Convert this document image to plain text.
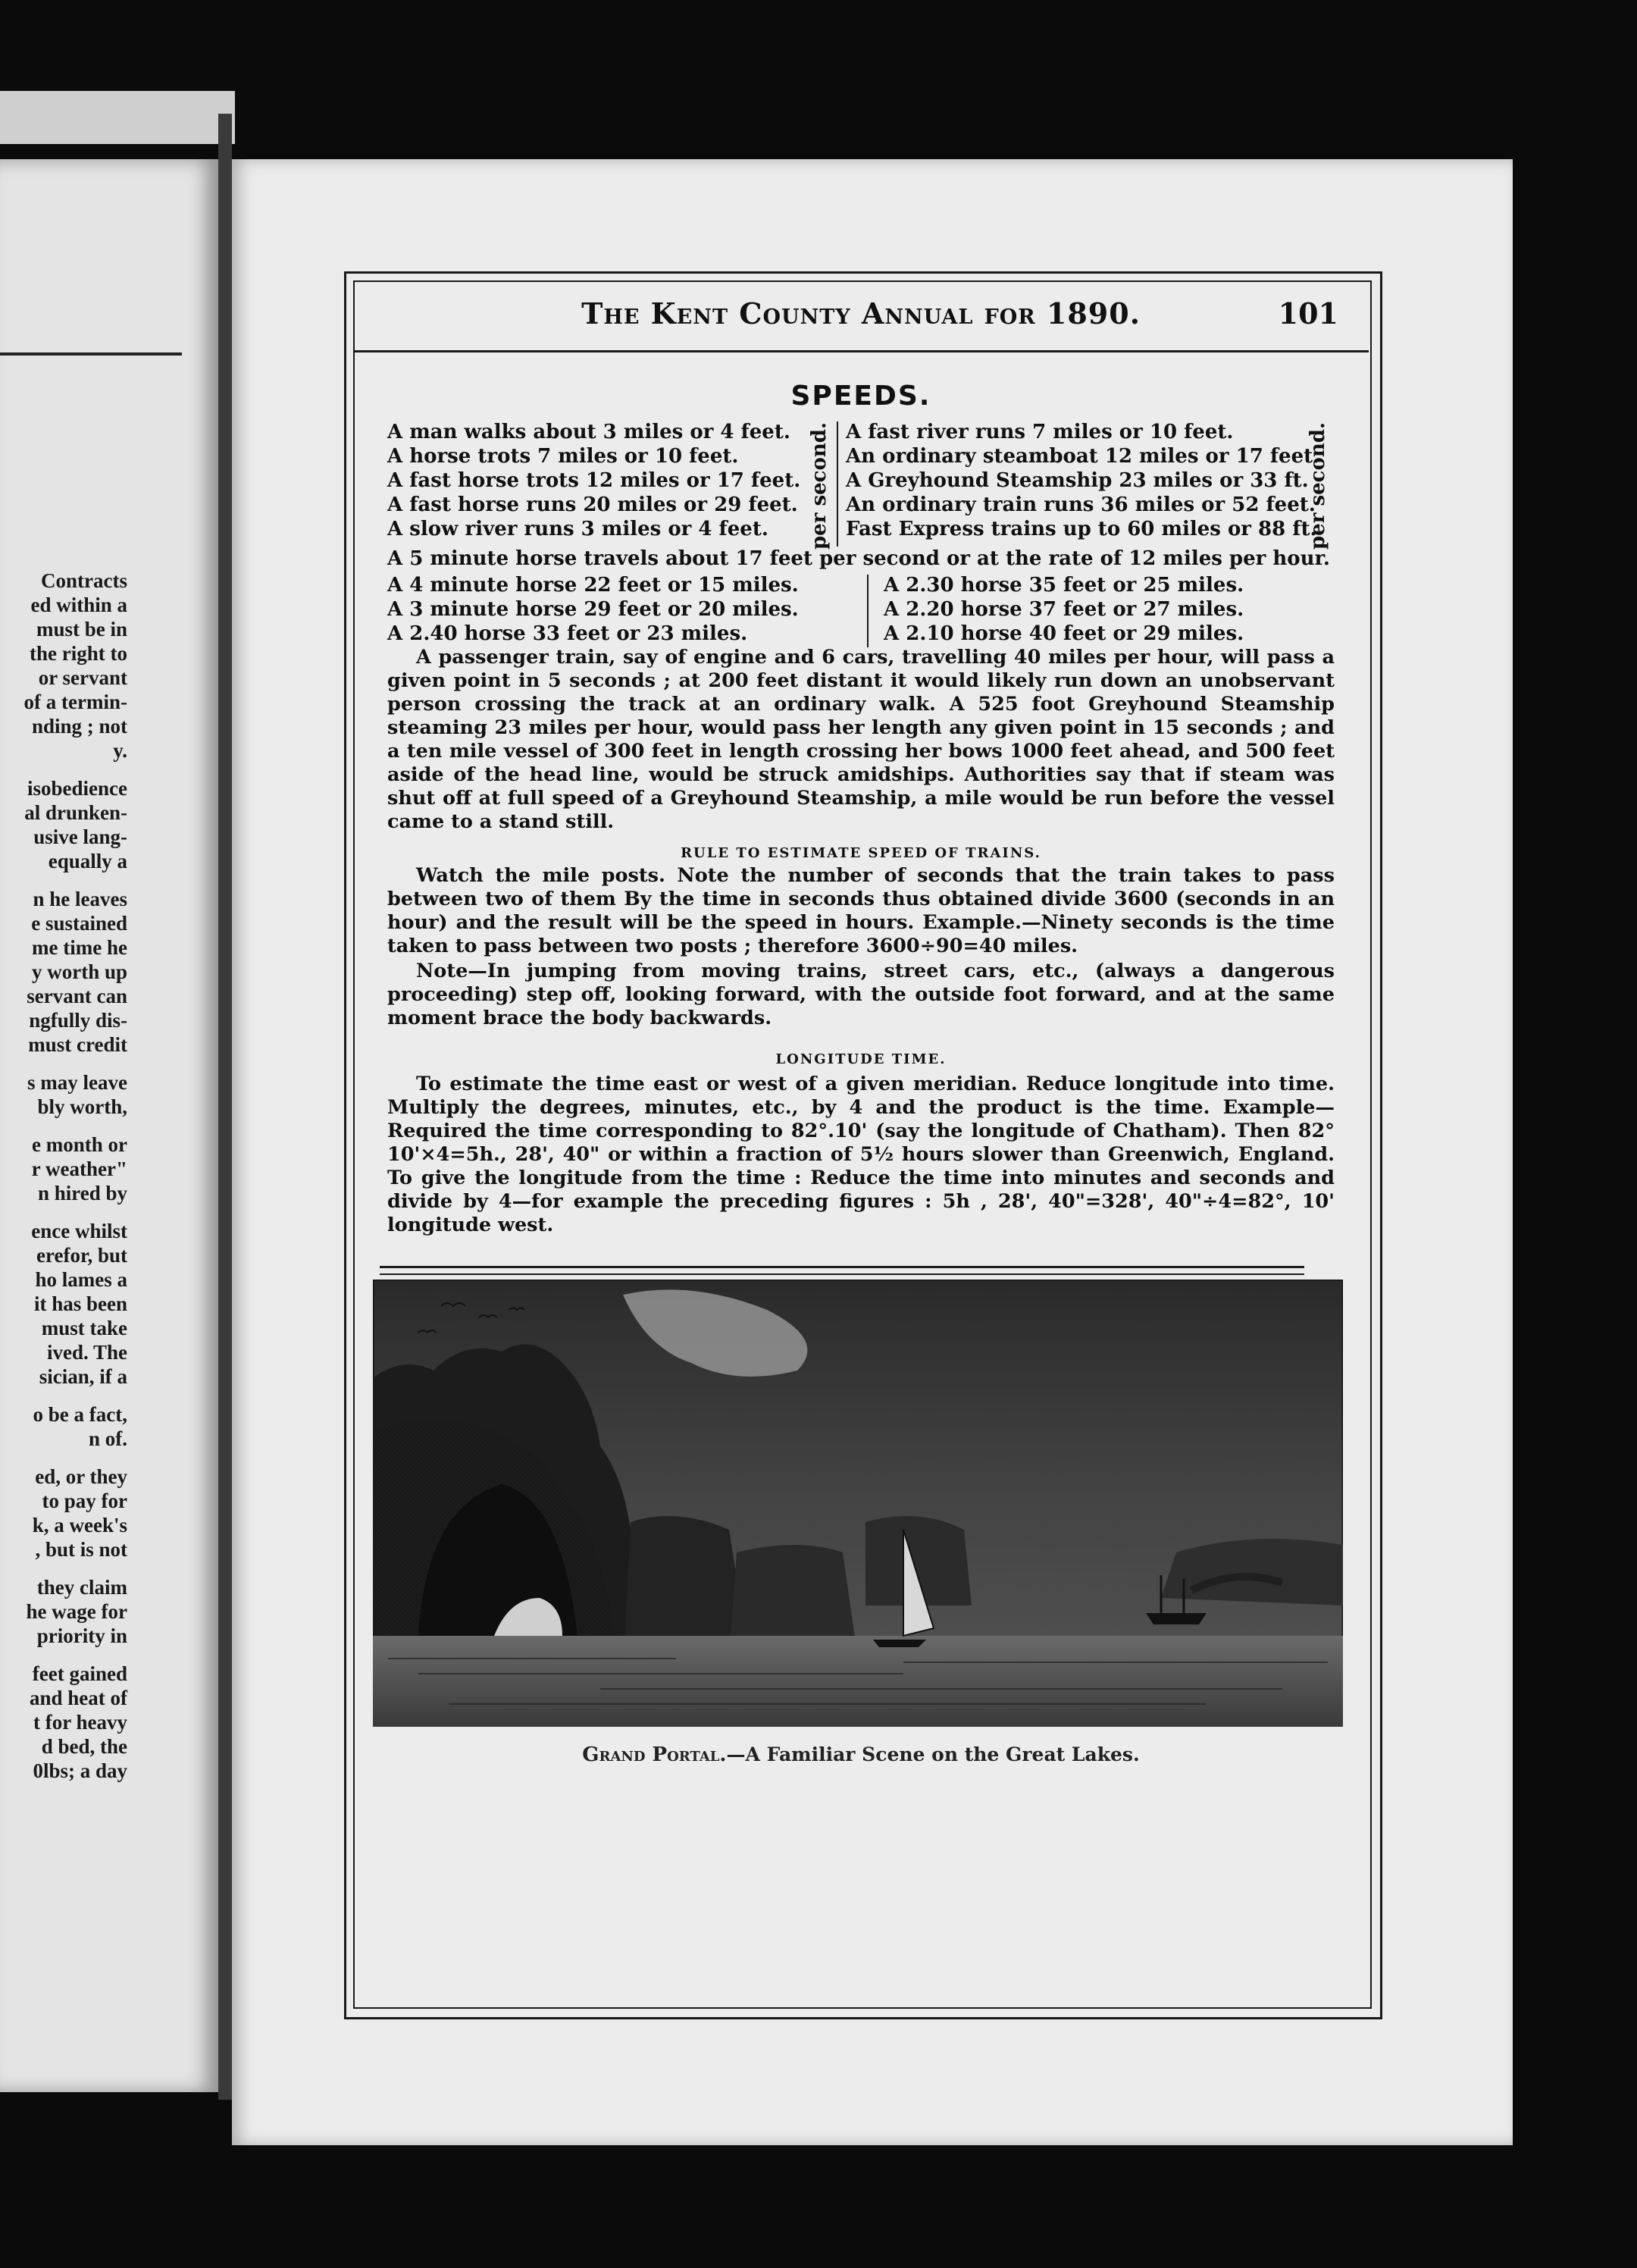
Contracts
ed within a
must be in
the right to
or servant
of a termin-
nding ; not
y.
isobedience
al drunken-
usive lang-
equally a
n he leaves
e sustained
me time he
y worth up
servant can
ngfully dis-
must credit
s may leave
bly worth,
e month or
r weather"
n hired by
ence whilst
erefor, but
ho lames a
it has been
must take
ived. The
sician, if a
o be a fact,
n of.
ed, or they
to pay for
k, a week's
, but is not
they claim
he wage for
priority in
feet gained
and heat of
t for heavy
d bed, the
0lbs; a day
The Kent County Annual for 1890.	101
SPEEDS.
A man walks about 3 miles or 4 feet.
A horse trots 7 miles or 10 feet.
A fast horse trots 12 miles or 17 feet.
A fast horse runs 20 miles or 29 feet.
A slow river runs 3 miles or 4 feet.	per second. A fast river runs 7 miles or 10 feet.
An ordinary steamboat 12 miles or 17 feet.
A Greyhound Steamship 23 miles or 33 ft.
An ordinary train runs 36 miles or 52 feet.
Fast Express trains up to 60 miles or 88 ft.
per second.
A 5 minute horse travels about 17 feet per second or at the rate of 12 miles per hour.
A 4 minute horse 22 feet or 15 miles.
A 3 minute horse 29 feet or 20 miles.
A 2.40 horse 33 feet or 23 miles.
A 2.30 horse 35 feet or 25 miles.
A 2.20 horse 37 feet or 27 miles.
A 2.10 horse 40 feet or 29 miles.
A passenger train, say of engine and 6 cars, travelling 40 miles per hour, will pass a given point in 5 seconds ; at 200 feet distant it would likely run down an unobservant person crossing the track at an ordinary walk. A 525 foot Greyhound Steamship steaming 23 miles per hour, would pass her length any given point in 15 seconds ; and a ten mile vessel of 300 feet in length crossing her bows 1000 feet ahead, and 500 feet aside of the head line, would be struck amidships. Authorities say that if steam was shut off at full speed of a Greyhound Steamship, a mile would be run before the vessel came to a stand still.
RULE TO ESTIMATE SPEED OF TRAINS.
Watch the mile posts. Note the number of seconds that the train takes to pass between two of them By the time in seconds thus obtained divide 3600 (seconds in an hour) and the result will be the speed in hours. Example.—Ninety seconds is the time taken to pass between two posts ; therefore 3600÷90=40 miles.
Note—In jumping from moving trains, street cars, etc., (always a dangerous proceeding) step off, looking forward, with the outside foot forward, and at the same moment brace the body backwards.
LONGITUDE TIME.
To estimate the time east or west of a given meridian. Reduce longitude into time. Multiply the degrees, minutes, etc., by 4 and the product is the time. Example—Required the time corresponding to 82°.10' (say the longitude of Chatham). Then 82° 10'×4=5h., 28', 40" or within a fraction of 5½ hours slower than Greenwich, England. To give the longitude from the time : Reduce the time into minutes and seconds and divide by 4—for example the preceding figures : 5h , 28', 40"=328', 40"÷4=82°, 10' longitude west.
Grand Portal.—A Familiar Scene on the Great Lakes.
